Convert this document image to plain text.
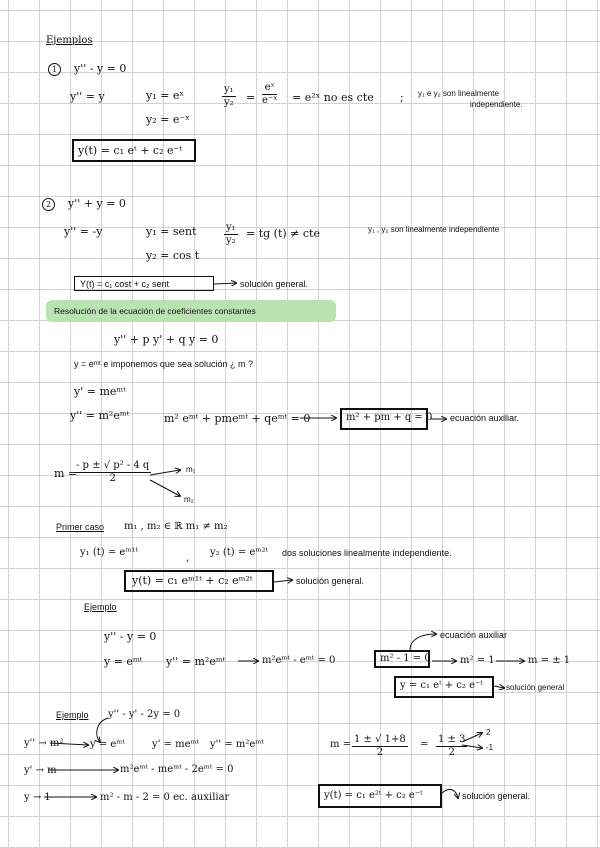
Ejemplos
1	y'' - y = 0
y'' = y	y₁ = eˣ
y₂ = e⁻ˣ
$\frac{\text{y₁}}{\text{y₂}} = \frac{\text{eˣ}}{\text{e⁻ˣ}}$ = e²ˣ no es cte ; y₁ e y₂ son linealmente
independiente.
y(t) = c₁ eᵗ + c₂ e⁻ᵗ
2	y'' + y = 0
y'' = -y	y₁ = sent
y₂ = cos t
$\frac{\text{y₁}}{\text{y₂}}$ = tg (t) ≠ cte	y₁ , y₂ son linealmente independiente
Y(t) = c₁ cost + c₂ sent	solución general.
Resolución de la ecuación de coeficientes constantes
y'' + p y' + q y = 0
y = eᵐᵗ e imponemos que sea solución ¿ m ?
y' = meᵐᵗ
y'' = m²eᵐᵗ	m² eᵐᵗ + pmeᵐᵗ + qeᵐᵗ = 0	m² + pm + q = 0 ecuación auxiliar.
m =
$\frac{\text{- p ± √ p² - 4 q}}{2}$	m₁
m₂
Primer caso m₁ , m₂ ∈ ℝ m₁ ≠ m₂
y₁ (t) = eᵐ¹ᵗ	, y₂ (t) = eᵐ²ᵗ dos soluciones linealmente independiente.
y(t) = c₁ eᵐ¹ᵗ + c₂ eᵐ²ᵗ	solución general.
Ejemplo
y'' - y = 0
y = eᵐᵗ y'' = m²eᵐᵗ	m²eᵐᵗ - eᵐᵗ = 0
ecuación auxiliar
m² - 1 = 0	m² = 1	m = ± 1
y = c₁ eᵗ + c₂ e⁻ᵗ	solución general
Ejemplo y'' - y' - 2y = 0
y'' → m²
y' → m
y → 1
y = eᵐᵗ	y' = meᵐᵗ y'' = m²eᵐᵗ
m²eᵐᵗ - meᵐᵗ - 2eᵐᵗ = 0
m² - m - 2 = 0 ec. auxiliar
$m = \frac{1 \pm √ 1+8}{2} = \frac{1 \pm 3}{2}$
2
-1
y(t) = c₁ e²ᵗ + c₂ e⁻ᵗ	solución general.
